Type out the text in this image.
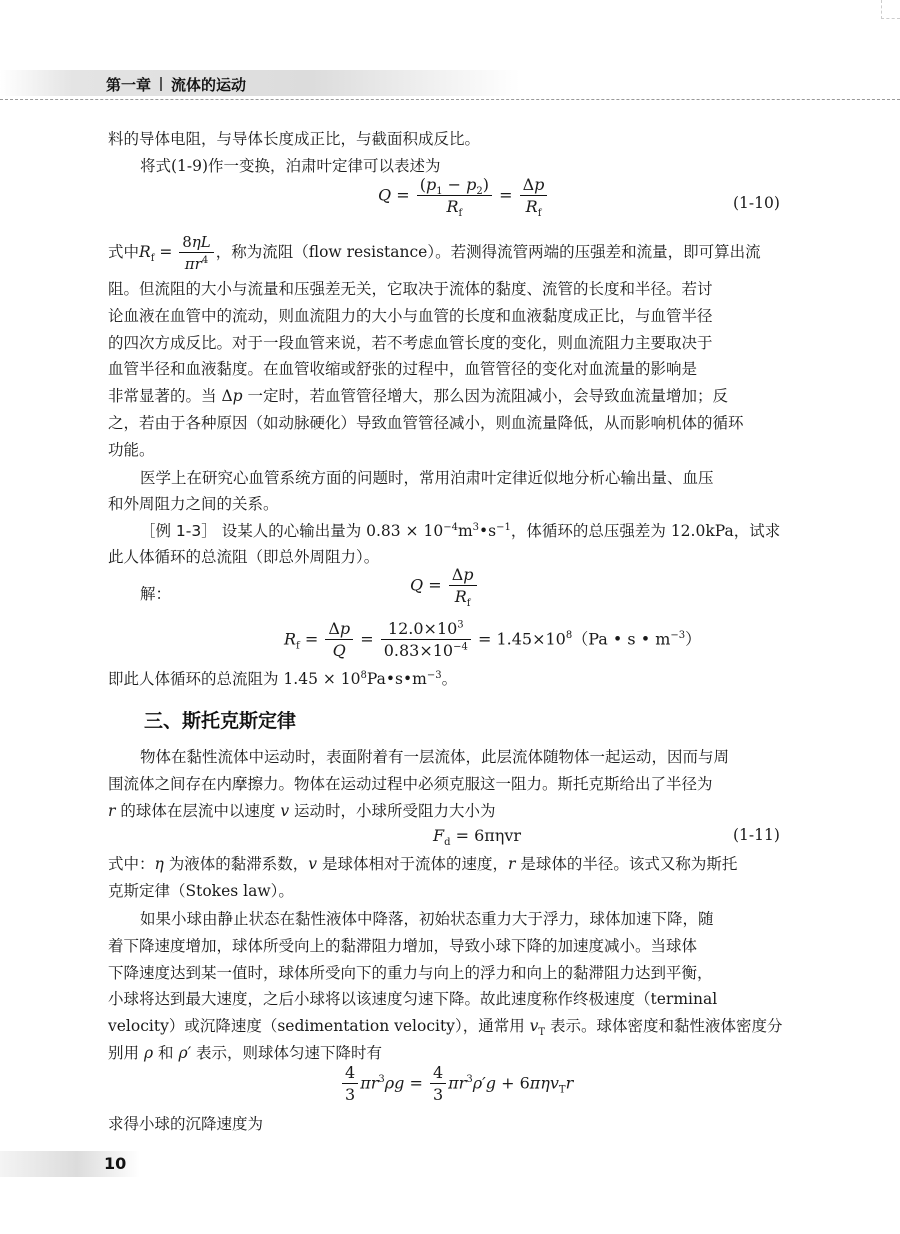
第一章 流体的运动
料的导体电阻，与导体长度成正比，与截面积成反比。
将式(1-9)作一变换，泊肃叶定律可以表述为
$Q = \frac{(p_1 - p_2)}{R_f} = \frac{\Delta p}{R_f}$	(1-10)
式中$R_f = \frac{8\eta L}{\pi r^4}$ ，称为流阻（flow resistance）。若测得流管两端的压强差和流量，即可算出流
阻。但流阻的大小与流量和压强差无关，它取决于流体的黏度、流管的长度和半径。若讨
论血液在血管中的流动，则血流阻力的大小与血管的长度和血液黏度成正比，与血管半径
的四次方成反比。对于一段血管来说，若不考虑血管长度的变化，则血流阻力主要取决于
血管半径和血液黏度。在血管收缩或舒张的过程中，血管管径的变化对血流量的影响是
非常显著的。当 Δp 一定时，若血管管径增大，那么因为流阻减小，会导致血流量增加；反
之，若由于各种原因（如动脉硬化）导致血管管径减小，则血流量降低，从而影响机体的循环
功能。
医学上在研究心血管系统方面的问题时，常用泊肃叶定律近似地分析心输出量、血压
和外周阻力之间的关系。
［例 1-3］ 设某人的心输出量为 $0.83 \times 10^{-4}m^3•s^{-1}$，体循环的总压强差为 12.0kPa，试求
此人体循环的总流阻（即总外周阻力）。
解：	$Q = \frac{\Delta p}{R_f}$
$R_f = \frac{\Delta p}{Q} = \frac{12.0\times 10^3}{0.83\times 10^{-4}} = 1.45\times 10^8(Pa$ • s • $m^{-3}$）
即此人体循环的总流阻为 $1.45 \times 10^8Pa•s•m^{-3}$。
三、斯托克斯定律
物体在黏性流体中运动时，表面附着有一层流体，此层流体随物体一起运动，因而与周
围流体之间存在内摩擦力。物体在运动过程中必须克服这一阻力。斯托克斯给出了半径为
r 的球体在层流中以速度 v 运动时，小球所受阻力大小为
$F_d = 6\pi\eta vr$	(1-11)
式中：η 为液体的黏滞系数，v 是球体相对于流体的速度，r 是球体的半径。该式又称为斯托
克斯定律（Stokes law）。
如果小球由静止状态在黏性液体中降落，初始状态重力大于浮力，球体加速下降，随
着下降速度增加，球体所受向上的黏滞阻力增加，导致小球下降的加速度减小。当球体
下降速度达到某一值时，球体所受向下的重力与向上的浮力和向上的黏滞阻力达到平衡，
小球将达到最大速度，之后小球将以该速度匀速下降。故此速度称作终极速度（terminal
velocity）或沉降速度（sedimentation velocity），通常用 $v_T$ 表示。球体密度和黏性液体密度分
别用 ρ 和 ρ′ 表示，则球体匀速下降时有
$\frac{4}{3} \pi r^3\rho g = \frac{4}{3} \pi r^3\rho'g + 6\pi\eta v_Tr$
求得小球的沉降速度为
10
